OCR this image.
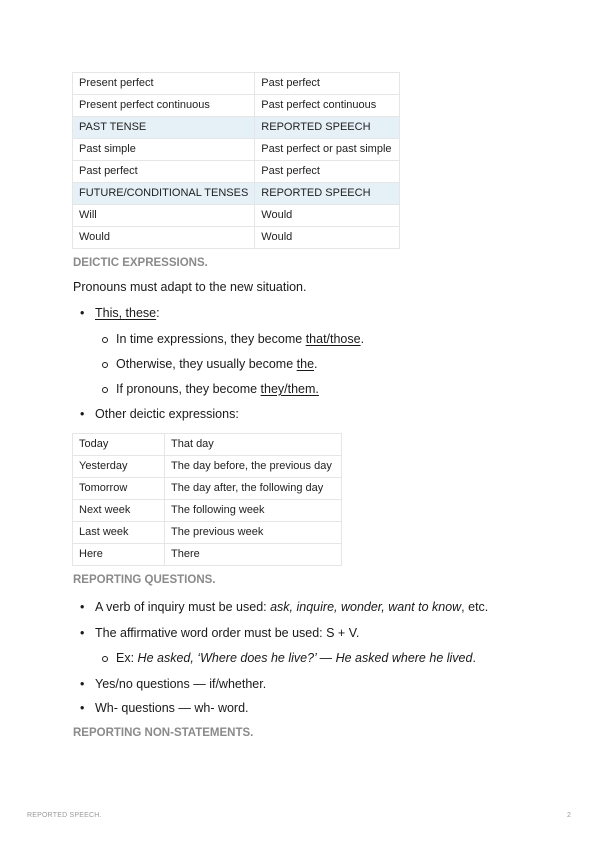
Present perfect	Past perfect
Present perfect continuous	Past perfect continuous
PAST TENSE	REPORTED SPEECH
Past simple	Past perfect or past simple
Past perfect	Past perfect
FUTURE/CONDITIONAL TENSES	REPORTED SPEECH
Will	Would
Would	Would
DEICTIC EXPRESSIONS.
Pronouns must adapt to the new situation.
• This, these:
In time expressions, they become that/those.
Otherwise, they usually become the.
If pronouns, they become they/them.
• Other deictic expressions:
Today	That day
Yesterday	The day before, the previous day
Tomorrow	The day after, the following day
Next week	The following week
Last week	The previous week
Here	There
REPORTING QUESTIONS.
• A verb of inquiry must be used: ask, inquire, wonder, want to know, etc.
• The affirmative word order must be used: S + V.
Ex: He asked, ‘Where does he live?’ — He asked where he lived.
• Yes/no questions — if/whether.
• Wh- questions — wh- word.
REPORTING NON-STATEMENTS.
REPORTED SPEECH.	2
